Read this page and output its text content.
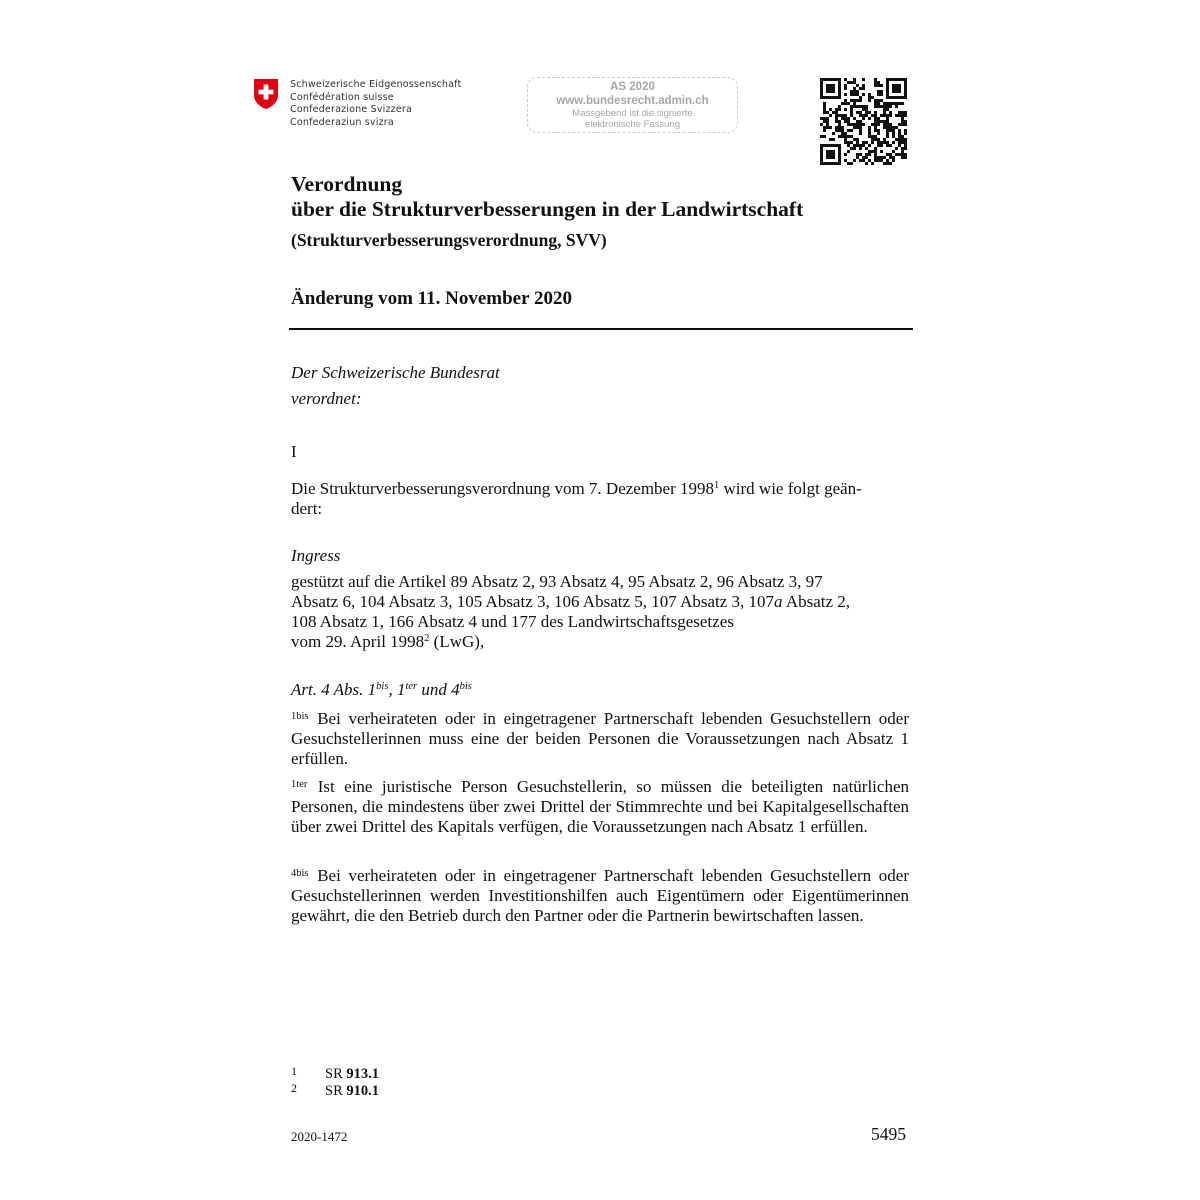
Schweizerische Eidgenossenschaft
Confédération suisse
Confederazione Svizzera
Confederaziun svizra
AS 2020
www.bundesrecht.admin.ch
Massgebend ist die signierte
elektronische Fassung
Verordnung
über die Strukturverbesserungen in der Landwirtschaft
(Strukturverbesserungsverordnung, SVV)
Änderung vom 11. November 2020
Der Schweizerische Bundesrat
verordnet:
I
Die Strukturverbesserungsverordnung vom 7. Dezember 1998$^1$ wird wie folgt geän-
dert:
Ingress
gestützt auf die Artikel 89 Absatz 2, 93 Absatz 4, 95 Absatz 2, 96 Absatz 3, 97
Absatz 6, 104 Absatz 3, 105 Absatz 3, 106 Absatz 5, 107 Absatz 3, 107a Absatz 2,
108 Absatz 1, 166 Absatz 4 und 177 des Landwirtschaftsgesetzes
vom 29. April 1998$^2$ (LwG),
Art. 4 Abs. $1^{bis}$, $1^{ter}$ und $4^{bis}$
$^{1bis}$ Bei verheirateten oder in eingetragener Partnerschaft lebenden Gesuchstellern oder Gesuchstellerinnen muss eine der beiden Personen die Voraussetzungen nach Absatz 1 erfüllen.
$^{1ter}$ Ist eine juristische Person Gesuchstellerin, so müssen die beteiligten natürlichen Personen, die mindestens über zwei Drittel der Stimmrechte und bei Kapitalgesellschaften über zwei Drittel des Kapitals verfügen, die Voraussetzungen nach Absatz 1 erfüllen.
$^{4bis}$ Bei verheirateten oder in eingetragener Partnerschaft lebenden Gesuchstellern oder Gesuchstellerinnen werden Investitionshilfen auch Eigentümern oder Eigentümerinnen gewährt, die den Betrieb durch den Partner oder die Partnerin bewirtschaften lassen.
1 SR 913.1
2 SR 910.1
2020-1472	5495
